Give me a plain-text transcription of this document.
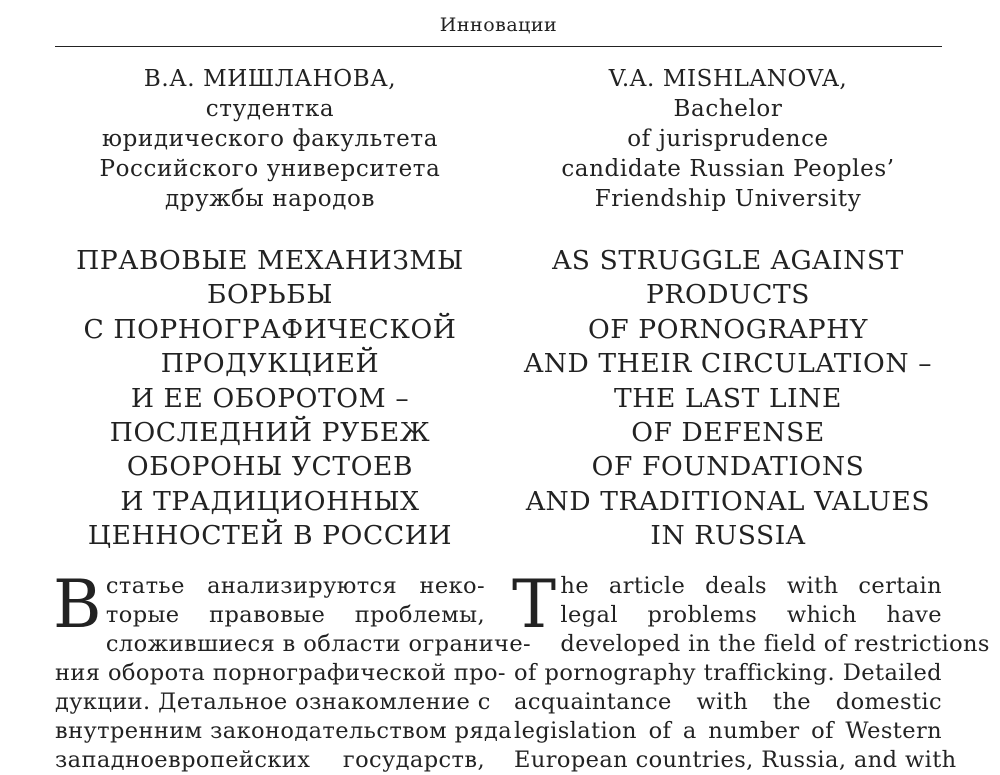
Инновации
В.А. МИШЛАНОВА,
студентка
юридического факультета
Российского университета
дружбы народов
V.A. MISHLANOVA,
Bachelor
of jurisprudence
candidate Russian Peoples’
Friendship University
ПРАВОВЫЕ МЕХАНИЗМЫ
БОРЬБЫ
С ПОРНОГРАФИЧЕСКОЙ
ПРОДУКЦИЕЙ
И ЕЕ ОБОРОТОМ –
ПОСЛЕДНИЙ РУБЕЖ
ОБОРОНЫ УСТОЕВ
И ТРАДИЦИОННЫХ
ЦЕННОСТЕЙ В РОССИИ
AS STRUGGLE AGAINST
PRODUCTS
OF PORNOGRAPHY
AND THEIR CIRCULATION –
THE LAST LINE
OF DEFENSE
OF FOUNDATIONS
AND TRADITIONAL VALUES
IN RUSSIA
В статье анализируются неко-
торые правовые проблемы,
сложившиеся в области ограниче-
ния оборота порнографической про-
дукции. Детальное ознакомление с
внутренним законодательством ряда
западноевропейских государств,
T he article deals with certain
legal problems which have
developed in the field of restrictions
of pornography trafficking. Detailed
acquaintance with the domestic
legislation of a number of Western
European countries, Russia, and with
